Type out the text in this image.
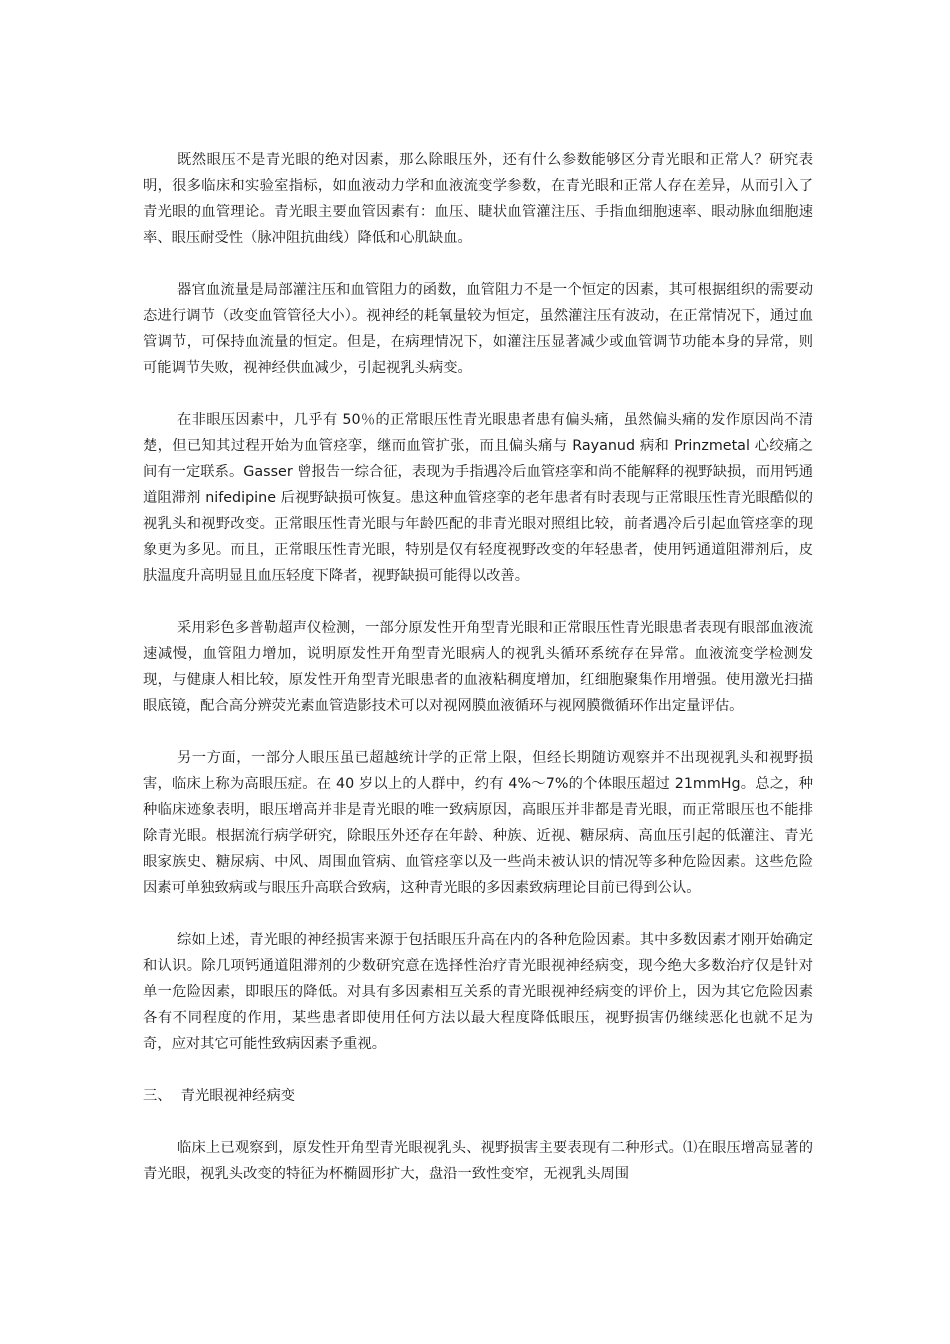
既然眼压不是青光眼的绝对因素，那么除眼压外，还有什么参数能够区分青光眼和正常人？研究表明，很多临床和实验室指标，如血液动力学和血液流变学参数，在青光眼和正常人存在差异，从而引入了青光眼的血管理论。青光眼主要血管因素有：血压、睫状血管灌注压、手指血细胞速率、眼动脉血细胞速率、眼压耐受性（脉冲阻抗曲线）降低和心肌缺血。

器官血流量是局部灌注压和血管阻力的函数，血管阻力不是一个恒定的因素，其可根据组织的需要动态进行调节（改变血管管径大小）。视神经的耗氧量较为恒定，虽然灌注压有波动，在正常情况下，通过血管调节，可保持血流量的恒定。但是，在病理情况下，如灌注压显著减少或血管调节功能本身的异常，则可能调节失败，视神经供血减少，引起视乳头病变。

在非眼压因素中，几乎有 50％的正常眼压性青光眼患者患有偏头痛，虽然偏头痛的发作原因尚不清楚，但已知其过程开始为血管痉挛，继而血管扩张，而且偏头痛与 Rayanud 病和 Prinzmetal 心绞痛之间有一定联系。Gasser 曾报告一综合征，表现为手指遇冷后血管痉挛和尚不能解释的视野缺损，而用钙通道阻滞剂 nifedipine 后视野缺损可恢复。患这种血管痉挛的老年患者有时表现与正常眼压性青光眼酷似的视乳头和视野改变。正常眼压性青光眼与年龄匹配的非青光眼对照组比较，前者遇冷后引起血管痉挛的现象更为多见。而且，正常眼压性青光眼，特别是仅有轻度视野改变的年轻患者，使用钙通道阻滞剂后，皮肤温度升高明显且血压轻度下降者，视野缺损可能得以改善。

采用彩色多普勒超声仪检测，一部分原发性开角型青光眼和正常眼压性青光眼患者表现有眼部血液流速减慢，血管阻力增加，说明原发性开角型青光眼病人的视乳头循环系统存在异常。血液流变学检测发现，与健康人相比较，原发性开角型青光眼患者的血液粘稠度增加，红细胞聚集作用增强。使用激光扫描眼底镜，配合高分辨荧光素血管造影技术可以对视网膜血液循环与视网膜微循环作出定量评估。

另一方面，一部分人眼压虽已超越统计学的正常上限，但经长期随访观察并不出现视乳头和视野损害，临床上称为高眼压症。在 40 岁以上的人群中，约有 4%～7%的个体眼压超过 21mmHg。总之，种种临床迹象表明，眼压增高并非是青光眼的唯一致病原因，高眼压并非都是青光眼，而正常眼压也不能排除青光眼。根据流行病学研究，除眼压外还存在年龄、种族、近视、糖尿病、高血压引起的低灌注、青光眼家族史、糖尿病、中风、周围血管病、血管痉挛以及一些尚未被认识的情况等多种危险因素。这些危险因素可单独致病或与眼压升高联合致病，这种青光眼的多因素致病理论目前已得到公认。

综如上述，青光眼的神经损害来源于包括眼压升高在内的各种危险因素。其中多数因素才刚开始确定和认识。除几项钙通道阻滞剂的少数研究意在选择性治疗青光眼视神经病变，现今绝大多数治疗仅是针对单一危险因素，即眼压的降低。对具有多因素相互关系的青光眼视神经病变的评价上，因为其它危险因素各有不同程度的作用，某些患者即使用任何方法以最大程度降低眼压，视野损害仍继续恶化也就不足为奇，应对其它可能性致病因素予重视。

三、  青光眼视神经病变

临床上已观察到，原发性开角型青光眼视乳头、视野损害主要表现有二种形式。⑴在眼压增高显著的青光眼，视乳头改变的特征为杯椭圆形扩大，盘沿一致性变窄，无视乳头周围
